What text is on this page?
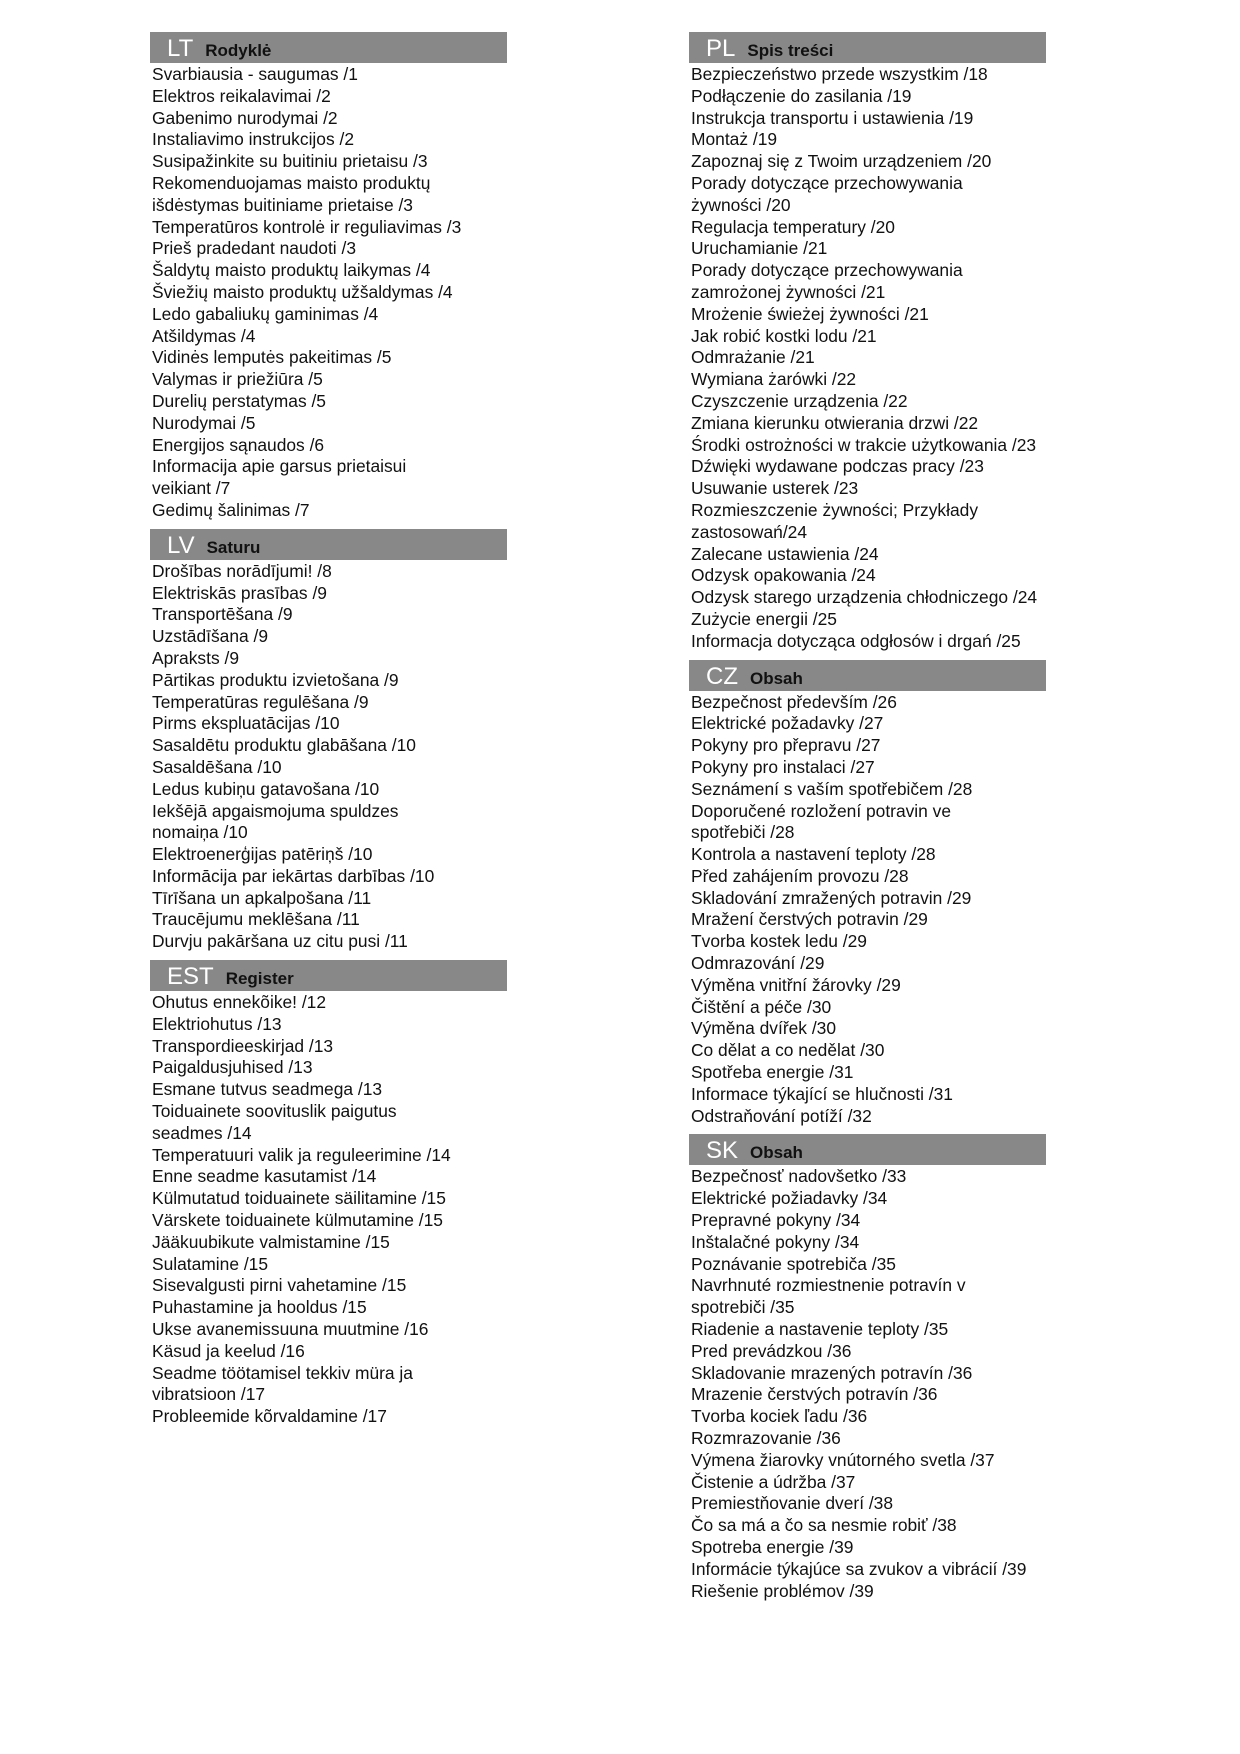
LT Rodyklė
Svarbiausia - saugumas /1
Elektros reikalavimai /2
Gabenimo nurodymai /2
Instaliavimo instrukcijos /2
Susipažinkite su buitiniu prietaisu /3
Rekomenduojamas maisto produktų
išdėstymas buitiniame prietaise /3
Temperatūros kontrolė ir reguliavimas /3
Prieš pradedant naudoti /3
Šaldytų maisto produktų laikymas /4
Šviežių maisto produktų užšaldymas /4
Ledo gabaliukų gaminimas /4
Atšildymas /4
Vidinės lemputės pakeitimas /5
Valymas ir priežiūra /5
Durelių perstatymas /5
Nurodymai /5
Energijos sąnaudos /6
Informacija apie garsus prietaisui
veikiant /7
Gedimų šalinimas /7
LV Saturu
Drošības norādījumi! /8
Elektriskās prasības /9
Transportēšana /9
Uzstādīšana /9
Apraksts /9
Pārtikas produktu izvietošana /9
Temperatūras regulēšana /9
Pirms ekspluatācijas /10
Sasaldētu produktu glabāšana /10
Sasaldēšana /10
Ledus kubiņu gatavošana /10
Iekšējā apgaismojuma spuldzes
nomaiņa /10
Elektroenerģijas patēriņš /10
Informācija par iekārtas darbības /10
Tīrīšana un apkalpošana /11
Traucējumu meklēšana /11
Durvju pakāršana uz citu pusi /11
EST Register
Ohutus ennekõike! /12
Elektriohutus /13
Transpordieeskirjad /13
Paigaldusjuhised /13
Esmane tutvus seadmega /13
Toiduainete soovituslik paigutus
seadmes /14
Temperatuuri valik ja reguleerimine /14
Enne seadme kasutamist /14
Külmutatud toiduainete säilitamine /15
Värskete toiduainete külmutamine /15
Jääkuubikute valmistamine /15
Sulatamine /15
Sisevalgusti pirni vahetamine /15
Puhastamine ja hooldus /15
Ukse avanemissuuna muutmine /16
Käsud ja keelud /16
Seadme töötamisel tekkiv müra ja
vibratsioon /17
Probleemide kõrvaldamine /17
PL Spis treści
Bezpieczeństwo przede wszystkim /18
Podłączenie do zasilania /19
Instrukcja transportu i ustawienia /19
Montaż /19
Zapoznaj się z Twoim urządzeniem /20
Porady dotyczące przechowywania
żywności /20
Regulacja temperatury /20
Uruchamianie /21
Porady dotyczące przechowywania
zamrożonej żywności /21
Mrożenie świeżej żywności /21
Jak robić kostki lodu /21
Odmrażanie /21
Wymiana żarówki /22
Czyszczenie urządzenia /22
Zmiana kierunku otwierania drzwi /22
Środki ostrożności w trakcie użytkowania /23
Dźwięki wydawane podczas pracy /23
Usuwanie usterek /23
Rozmieszczenie żywności; Przykłady
zastosowań/24
Zalecane ustawienia /24
Odzysk opakowania /24
Odzysk starego urządzenia chłodniczego /24
Zużycie energii /25
Informacja dotycząca odgłosów i drgań /25
CZ Obsah
Bezpečnost především /26
Elektrické požadavky /27
Pokyny pro přepravu /27
Pokyny pro instalaci /27
Seznámení s vaším spotřebičem /28
Doporučené rozložení potravin ve
spotřebiči /28
Kontrola a nastavení teploty /28
Před zahájením provozu /28
Skladování zmražených potravin /29
Mražení čerstvých potravin /29
Tvorba kostek ledu /29
Odmrazování /29
Výměna vnitřní žárovky /29
Čištění a péče /30
Výměna dvířek /30
Co dělat a co nedělat /30
Spotřeba energie /31
Informace týkající se hlučnosti /31
Odstraňování potíží /32
SK Obsah
Bezpečnosť nadovšetko /33
Elektrické požiadavky /34
Prepravné pokyny /34
Inštalačné pokyny /34
Poznávanie spotrebiča /35
Navrhnuté rozmiestnenie potravín v
spotrebiči /35
Riadenie a nastavenie teploty /35
Pred prevádzkou /36
Skladovanie mrazených potravín /36
Mrazenie čerstvých potravín /36
Tvorba kociek ľadu /36
Rozmrazovanie /36
Výmena žiarovky vnútorného svetla /37
Čistenie a údržba /37
Premiestňovanie dverí /38
Čo sa má a čo sa nesmie robiť /38
Spotreba energie /39
Informácie týkajúce sa zvukov a vibrácií /39
Riešenie problémov /39
